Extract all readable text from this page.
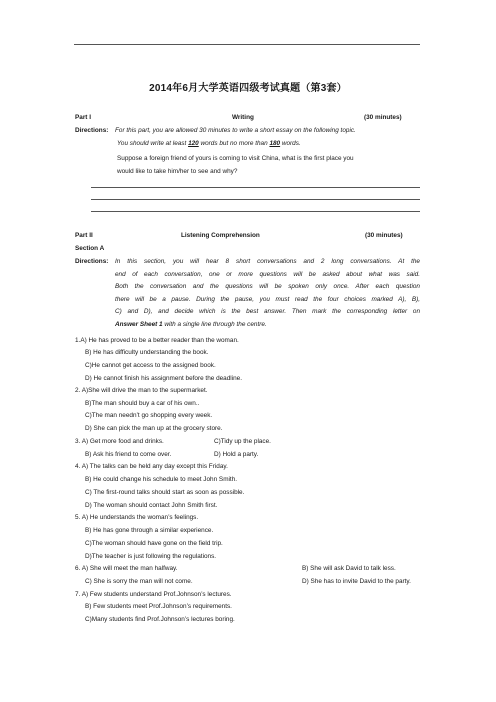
2014年6月大学英语四级考试真题（第3套）
Part I	Writing	(30 minutes)
Directions: For this part, you are allowed 30 minutes to write a short essay on the following topic.
You should write at least 120 words but no more than 180 words.
Suppose a foreign friend of yours is coming to visit China, what is the first place you
would like to take him/her to see and why?
Part II	Listening Comprehension	(30 minutes)
Section A
Directions: In this section, you will hear 8 short conversations and 2 long conversations. At the
end of each conversation, one or more questions will be asked about what was said.
Both the conversation and the questions will be spoken only once. After each question
there will be a pause. During the pause, you must read the four choices marked A), B),
C) and D), and decide which is the best answer. Then mark the corresponding letter on
Answer Sheet 1 with a single line through the centre.
1.A) He has proved to be a better reader than the woman.
B) He has difficulty understanding the book.
C)He cannot get access to the assigned book.
D) He cannot finish his assignment before the deadline.
2. A)She will drive the man to the supermarket.
B)The man should buy a car of his own..
C)The man needn’t go shopping every week.
D) She can pick the man up at the grocery store.
3. A) Get more food and drinks.	C)Tidy up the place.
B) Ask his friend to come over.	D) Hold a party.
4. A) The talks can be held any day except this Friday.
B) He could change his schedule to meet John Smith.
C) The first-round talks should start as soon as possible.
D) The woman should contact John Smith first.
5. A) He understands the woman’s feelings.
B) He has gone through a similar experience.
C)The woman should have gone on the field trip.
D)The teacher is just following the regulations.
6. A) She will meet the man halfway.	B) She will ask David to talk less.
C) She is sorry the man will not come.	D) She has to invite David to the party.
7. A) Few students understand Prof.Johnson’s lectures.
B) Few students meet Prof.Johnson’s requirements.
C)Many students find Prof.Johnson’s lectures boring.
